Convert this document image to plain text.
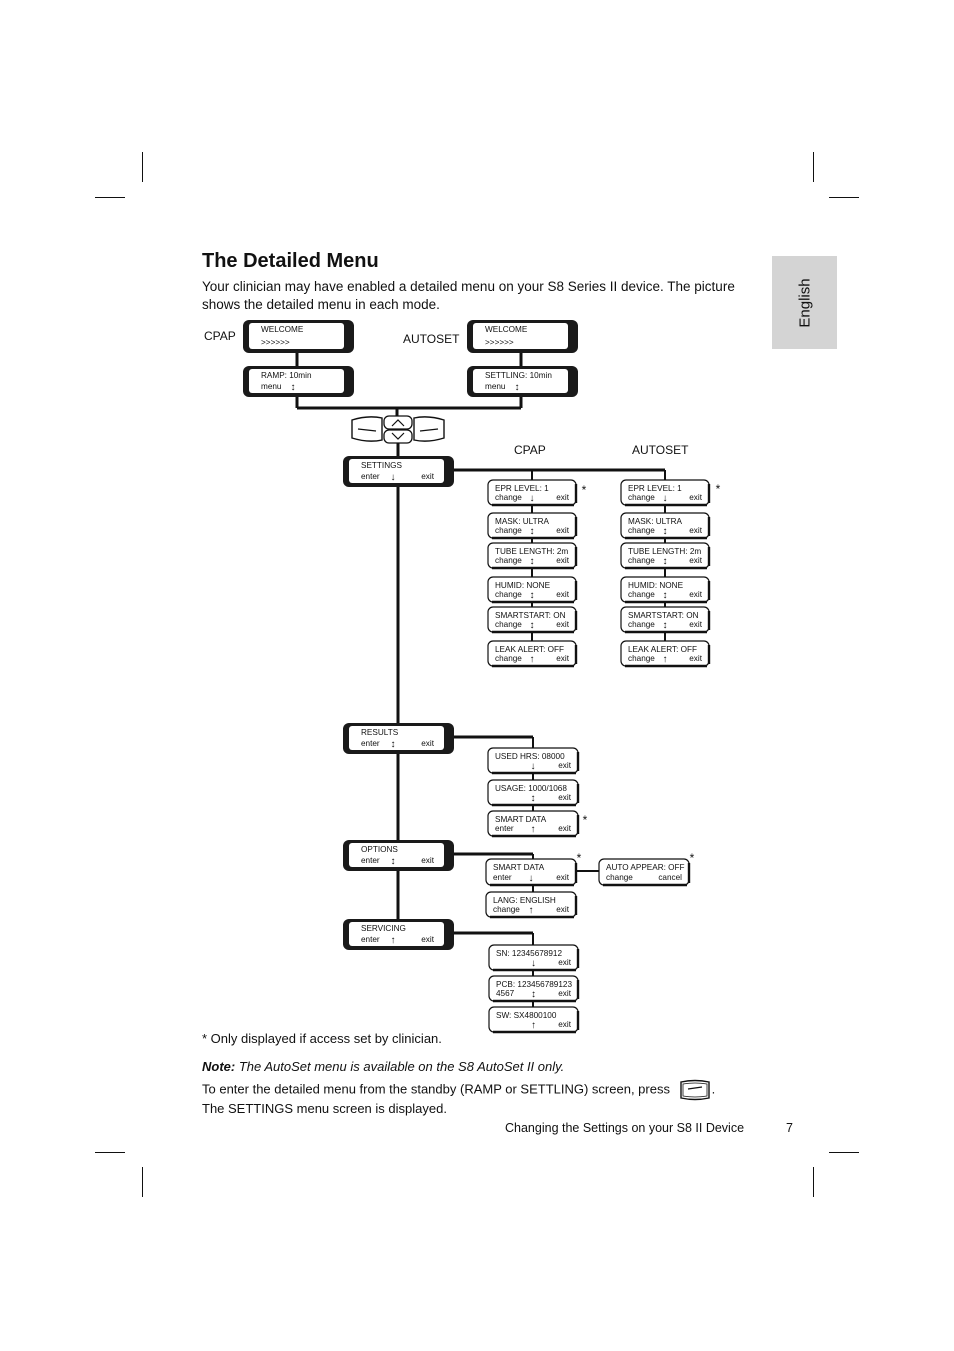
English
The Detailed Menu

Your clinician may have enabled a detailed menu on your S8 Series II device. The picture shows the detailed menu in each mode.

CPAP	AUTOSET
CPAP	AUTOSET
WELCOME
>>>>>>
RAMP: 10min
menu ↕
WELCOME
>>>>>>
SETTLING: 10min
menu ↕
SETTINGS
enter ↓	exit
RESULTS
enter ↕	exit
OPTIONS
enter ↕	exit
SERVICING
enter ↑	exit
EPR LEVEL: 1
change ↓	exit
MASK: ULTRA
change ↕	exit
TUBE LENGTH: 2m
change ↕	exit
HUMID: NONE
change ↕	exit
SMARTSTART: ON
change ↕	exit
LEAK ALERT: OFF
change ↑	exit
EPR LEVEL: 1
change ↓	exit
MASK: ULTRA
change ↕	exit
TUBE LENGTH: 2m
change ↕	exit
HUMID: NONE
change ↕	exit
SMARTSTART: ON
change ↕	exit
LEAK ALERT: OFF
change ↑	exit
*	*
USED HRS: 08000
↓	exit
USAGE: 1000/1068
↕	exit
SMART DATA
enter ↑	exit
*
SMART DATA
enter ↓	exit
LANG: ENGLISH
change ↑	exit
AUTO APPEAR: OFF
change	cancel
*	*
SN: 12345678912
↓	exit
PCB: 123456789123
4567 ↕	exit
SW: SX4800100
↑	exit
* Only displayed if access set by clinician.
Note: The AutoSet menu is available on the S8 AutoSet II only.
To enter the detailed menu from the standby (RAMP or SETTLING) screen, press	.
The SETTINGS menu screen is displayed.
Changing the Settings on your S8 II Device	7
